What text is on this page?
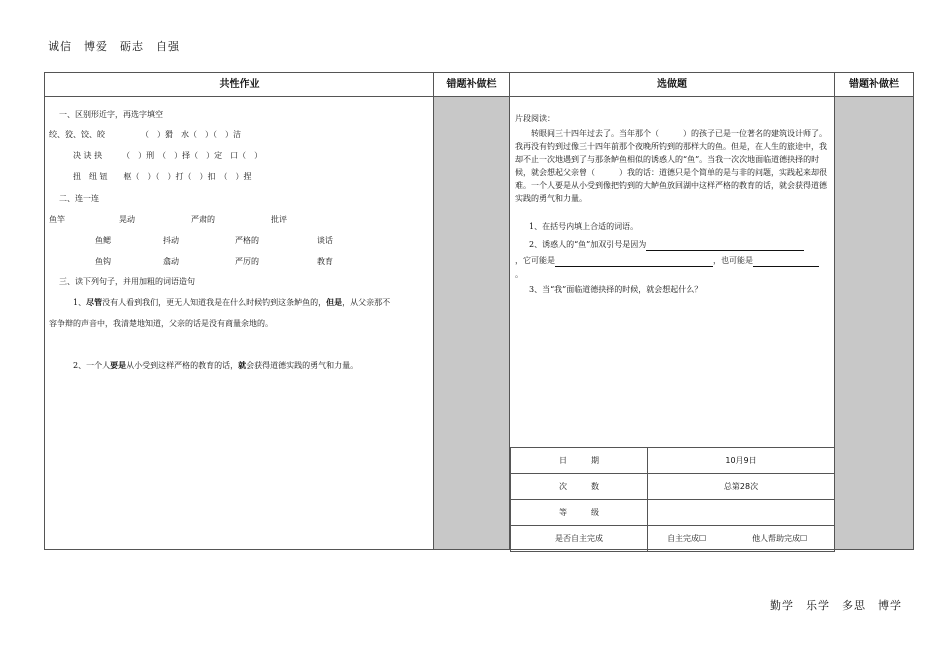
诚信　博爱　砺志　自强
共性作业	错题补做栏	选做题	错题补做栏
一、区别形近字，再选字填空
绞、狡、饺、皎　　　　　（　）猾　水（　）（　）洁
决 诀 抉　　　（　）刑　（　）择（　）定　口（　）
扭　纽 钮　　枢（　）（　）打（　）扣　（　）捏
二、连一连
鱼竿	晃动	严肃的	批评
鱼鳃	抖动	严格的	谈话
鱼钩	翕动	严厉的	教育
三、读下列句子，并用加粗的词语造句
1、尽管没有人看到我们，更无人知道我是在什么时候钓到这条鲈鱼的，但是，从父亲那不
容争辩的声音中，我清楚地知道，父亲的话是没有商量余地的。
2、一个人要是从小受到这样严格的教育的话，就会获得道德实践的勇气和力量。
片段阅读：
转眼间三十四年过去了。当年那个（　　　）的孩子已是一位著名的建筑设计师了。我再没有钓到过像三十四年前那个夜晚所钓到的那样大的鱼。但是，在人生的旅途中，我却不止一次地遇到了与那条鲈鱼相似的诱惑人的“鱼”。当我一次次地面临道德抉择的时候，就会想起父亲曾（　　　）我的话：道德只是个简单的是与非的问题，实践起来却很难。一个人要是从小受到像把钓到的大鲈鱼放回湖中这样严格的教育的话，就会获得道德实践的勇气和力量。
1、在括号内填上合适的词语。
2、诱惑人的“鱼”加双引号是因为
，它可能是	，也可能是
。
3、当“我”面临道德抉择的时候，就会想起什么？
日　　　期	10月9日	
次　　　数	总第28次	
等　　　级		
是否自主完成	自主完成☐	他人帮助完成☐
勤学　乐学　多思　博学
